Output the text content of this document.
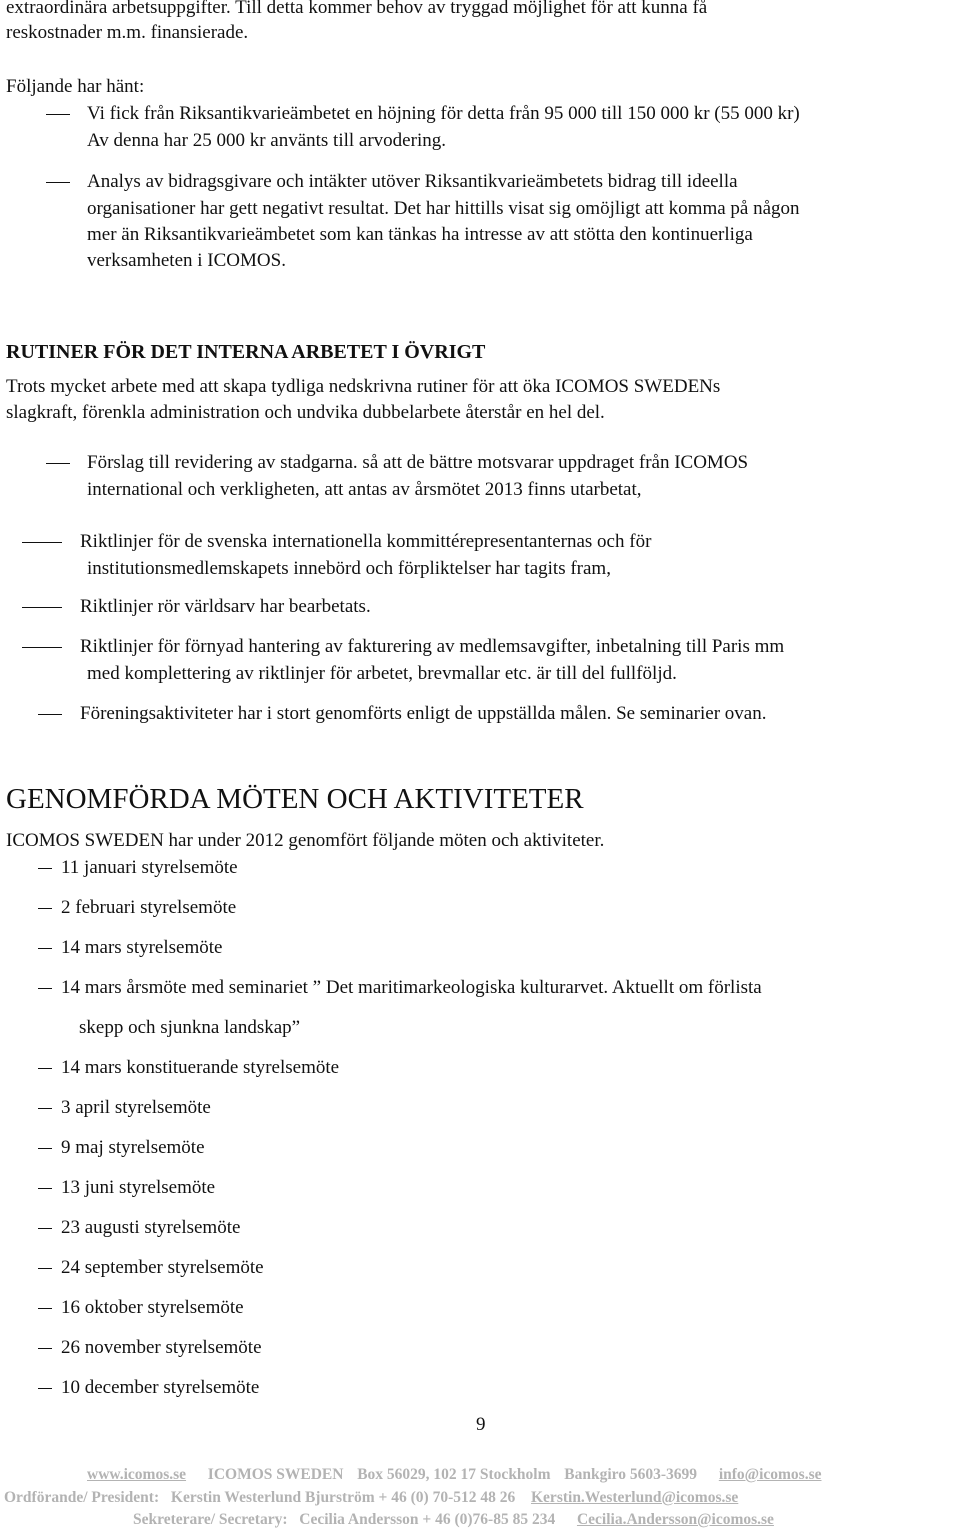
extraordinära arbetsuppgifter. Till detta kommer behov av tryggad möjlighet för att kunna få
reskostnader m.m. finansierade.
Följande har hänt:
Vi fick från Riksantikvarieämbetet en höjning för detta från 95 000 till 150 000 kr (55 000 kr)
Av denna har 25 000 kr använts till arvodering.
Analys av bidragsgivare och intäkter utöver Riksantikvarieämbetets bidrag till ideella
organisationer har gett negativt resultat. Det har hittills visat sig omöjligt att komma på någon
mer än Riksantikvarieämbetet som kan tänkas ha intresse av att stötta den kontinuerliga
verksamheten i ICOMOS.
RUTINER FÖR DET INTERNA ARBETET I ÖVRIGT
Trots mycket arbete med att skapa tydliga nedskrivna rutiner för att öka ICOMOS SWEDENs
slagkraft, förenkla administration och undvika dubbelarbete återstår en hel del.
Förslag till revidering av stadgarna. så att de bättre motsvarar uppdraget från ICOMOS
international och verkligheten, att antas av årsmötet 2013 finns utarbetat,
Riktlinjer för de svenska internationella kommittérepresentanternas och för
institutionsmedlemskapets innebörd och förpliktelser har tagits fram,
Riktlinjer rör världsarv har bearbetats.
Riktlinjer för förnyad hantering av fakturering av medlemsavgifter, inbetalning till Paris mm
med komplettering av riktlinjer för arbetet, brevmallar etc. är till del fullföljd.
Föreningsaktiviteter har i stort genomförts enligt de uppställda målen. Se seminarier ovan.
GENOMFÖRDA MÖTEN OCH AKTIVITETER
ICOMOS SWEDEN har under 2012 genomfört följande möten och aktiviteter.
11 januari styrelsemöte
2 februari styrelsemöte
14 mars styrelsemöte
14 mars årsmöte med seminariet ” Det maritimarkeologiska kulturarvet. Aktuellt om förlista
skepp och sjunkna landskap”
14 mars konstituerande styrelsemöte
3 april styrelsemöte
9 maj styrelsemöte
13 juni styrelsemöte
23 augusti styrelsemöte
24 september styrelsemöte
16 oktober styrelsemöte
26 november styrelsemöte
10 december styrelsemöte
9
www.icomos.se ICOMOS SWEDEN Box 56029, 102 17 Stockholm Bankgiro 5603-3699 info@icomos.se
Ordförande/ President: Kerstin Westerlund Bjurström + 46 (0) 70-512 48 26 Kerstin.Westerlund@icomos.se
Sekreterare/ Secretary: Cecilia Andersson + 46 (0)76-85 85 234 Cecilia.Andersson@icomos.se
